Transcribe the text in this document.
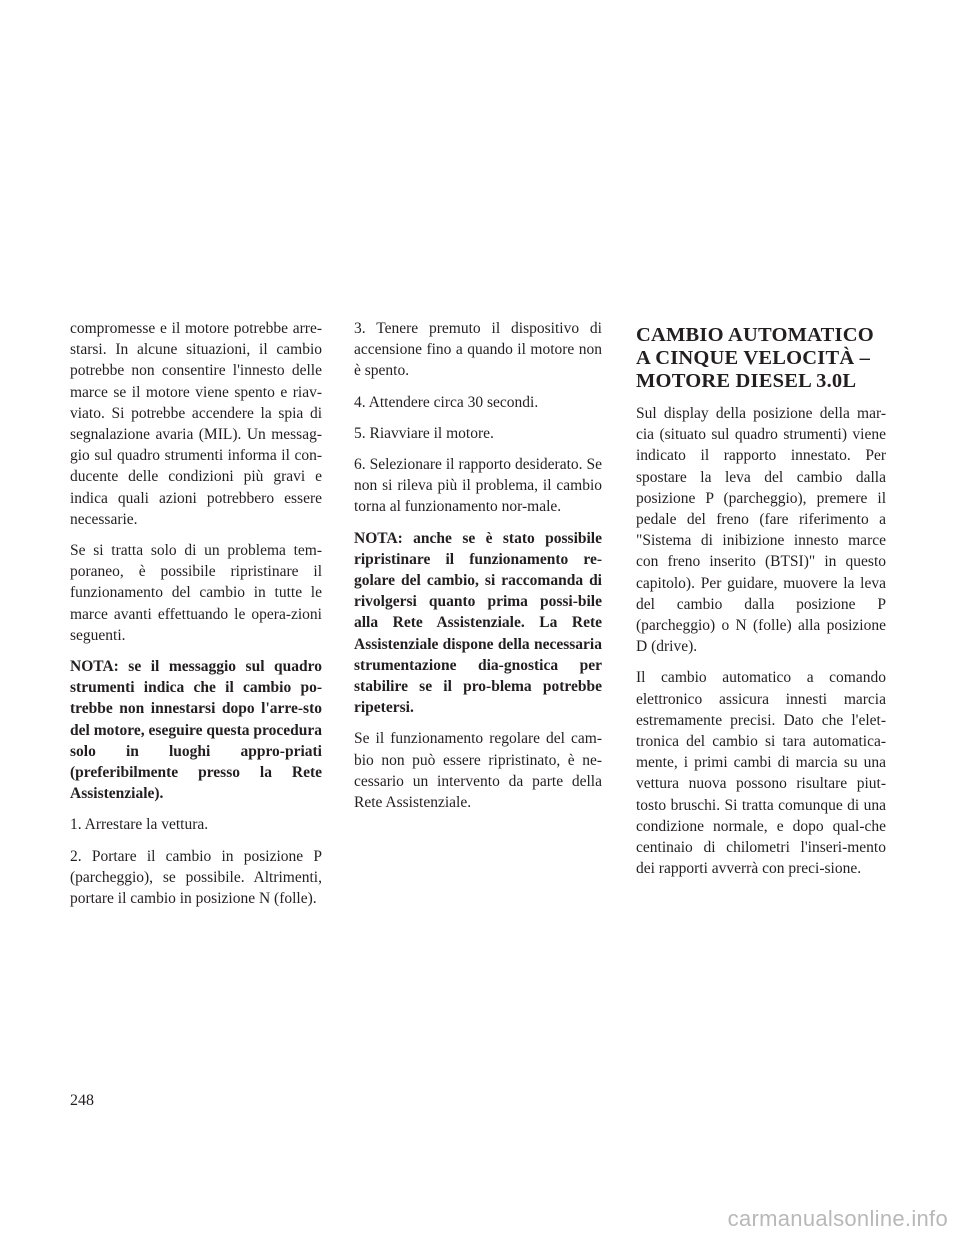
compromesse e il motore potrebbe arre-starsi. In alcune situazioni, il cambio potrebbe non consentire l'innesto delle marce se il motore viene spento e riav-viato. Si potrebbe accendere la spia di segnalazione avaria (MIL). Un messag-gio sul quadro strumenti informa il con-ducente delle condizioni più gravi e indica quali azioni potrebbero essere necessarie.

Se si tratta solo di un problema tem-poraneo, è possibile ripristinare il funzionamento del cambio in tutte le marce avanti effettuando le opera-zioni seguenti.

NOTA: se il messaggio sul quadro strumenti indica che il cambio po-trebbe non innestarsi dopo l'arre-sto del motore, eseguire questa procedura solo in luoghi appro-priati (preferibilmente presso la Rete Assistenziale).

1. Arrestare la vettura.

2. Portare il cambio in posizione P (parcheggio), se possibile. Altrimenti, portare il cambio in posizione N (folle).

3. Tenere premuto il dispositivo di accensione fino a quando il motore non è spento.

4. Attendere circa 30 secondi.

5. Riavviare il motore.

6. Selezionare il rapporto desiderato. Se non si rileva più il problema, il cambio torna al funzionamento nor-male.

NOTA: anche se è stato possibile ripristinare il funzionamento re-golare del cambio, si raccomanda di rivolgersi quanto prima possi-bile alla Rete Assistenziale. La Rete Assistenziale dispone della necessaria strumentazione dia-gnostica per stabilire se il pro-blema potrebbe ripetersi.

Se il funzionamento regolare del cam-bio non può essere ripristinato, è ne-cessario un intervento da parte della Rete Assistenziale.

CAMBIO AUTOMATICO A CINQUE VELOCITÀ – MOTORE DIESEL 3.0L

Sul display della posizione della mar-cia (situato sul quadro strumenti) viene indicato il rapporto innestato. Per spostare la leva del cambio dalla posizione P (parcheggio), premere il pedale del freno (fare riferimento a "Sistema di inibizione innesto marce con freno inserito (BTSI)" in questo capitolo). Per guidare, muovere la leva del cambio dalla posizione P (parcheggio) o N (folle) alla posizione D (drive).

Il cambio automatico a comando elettronico assicura innesti marcia estremamente precisi. Dato che l'elet-tronica del cambio si tara automatica-mente, i primi cambi di marcia su una vettura nuova possono risultare piut-tosto bruschi. Si tratta comunque di una condizione normale, e dopo qual-che centinaio di chilometri l'inseri-mento dei rapporti avverrà con preci-sione.

248
carmanualsonline.info
